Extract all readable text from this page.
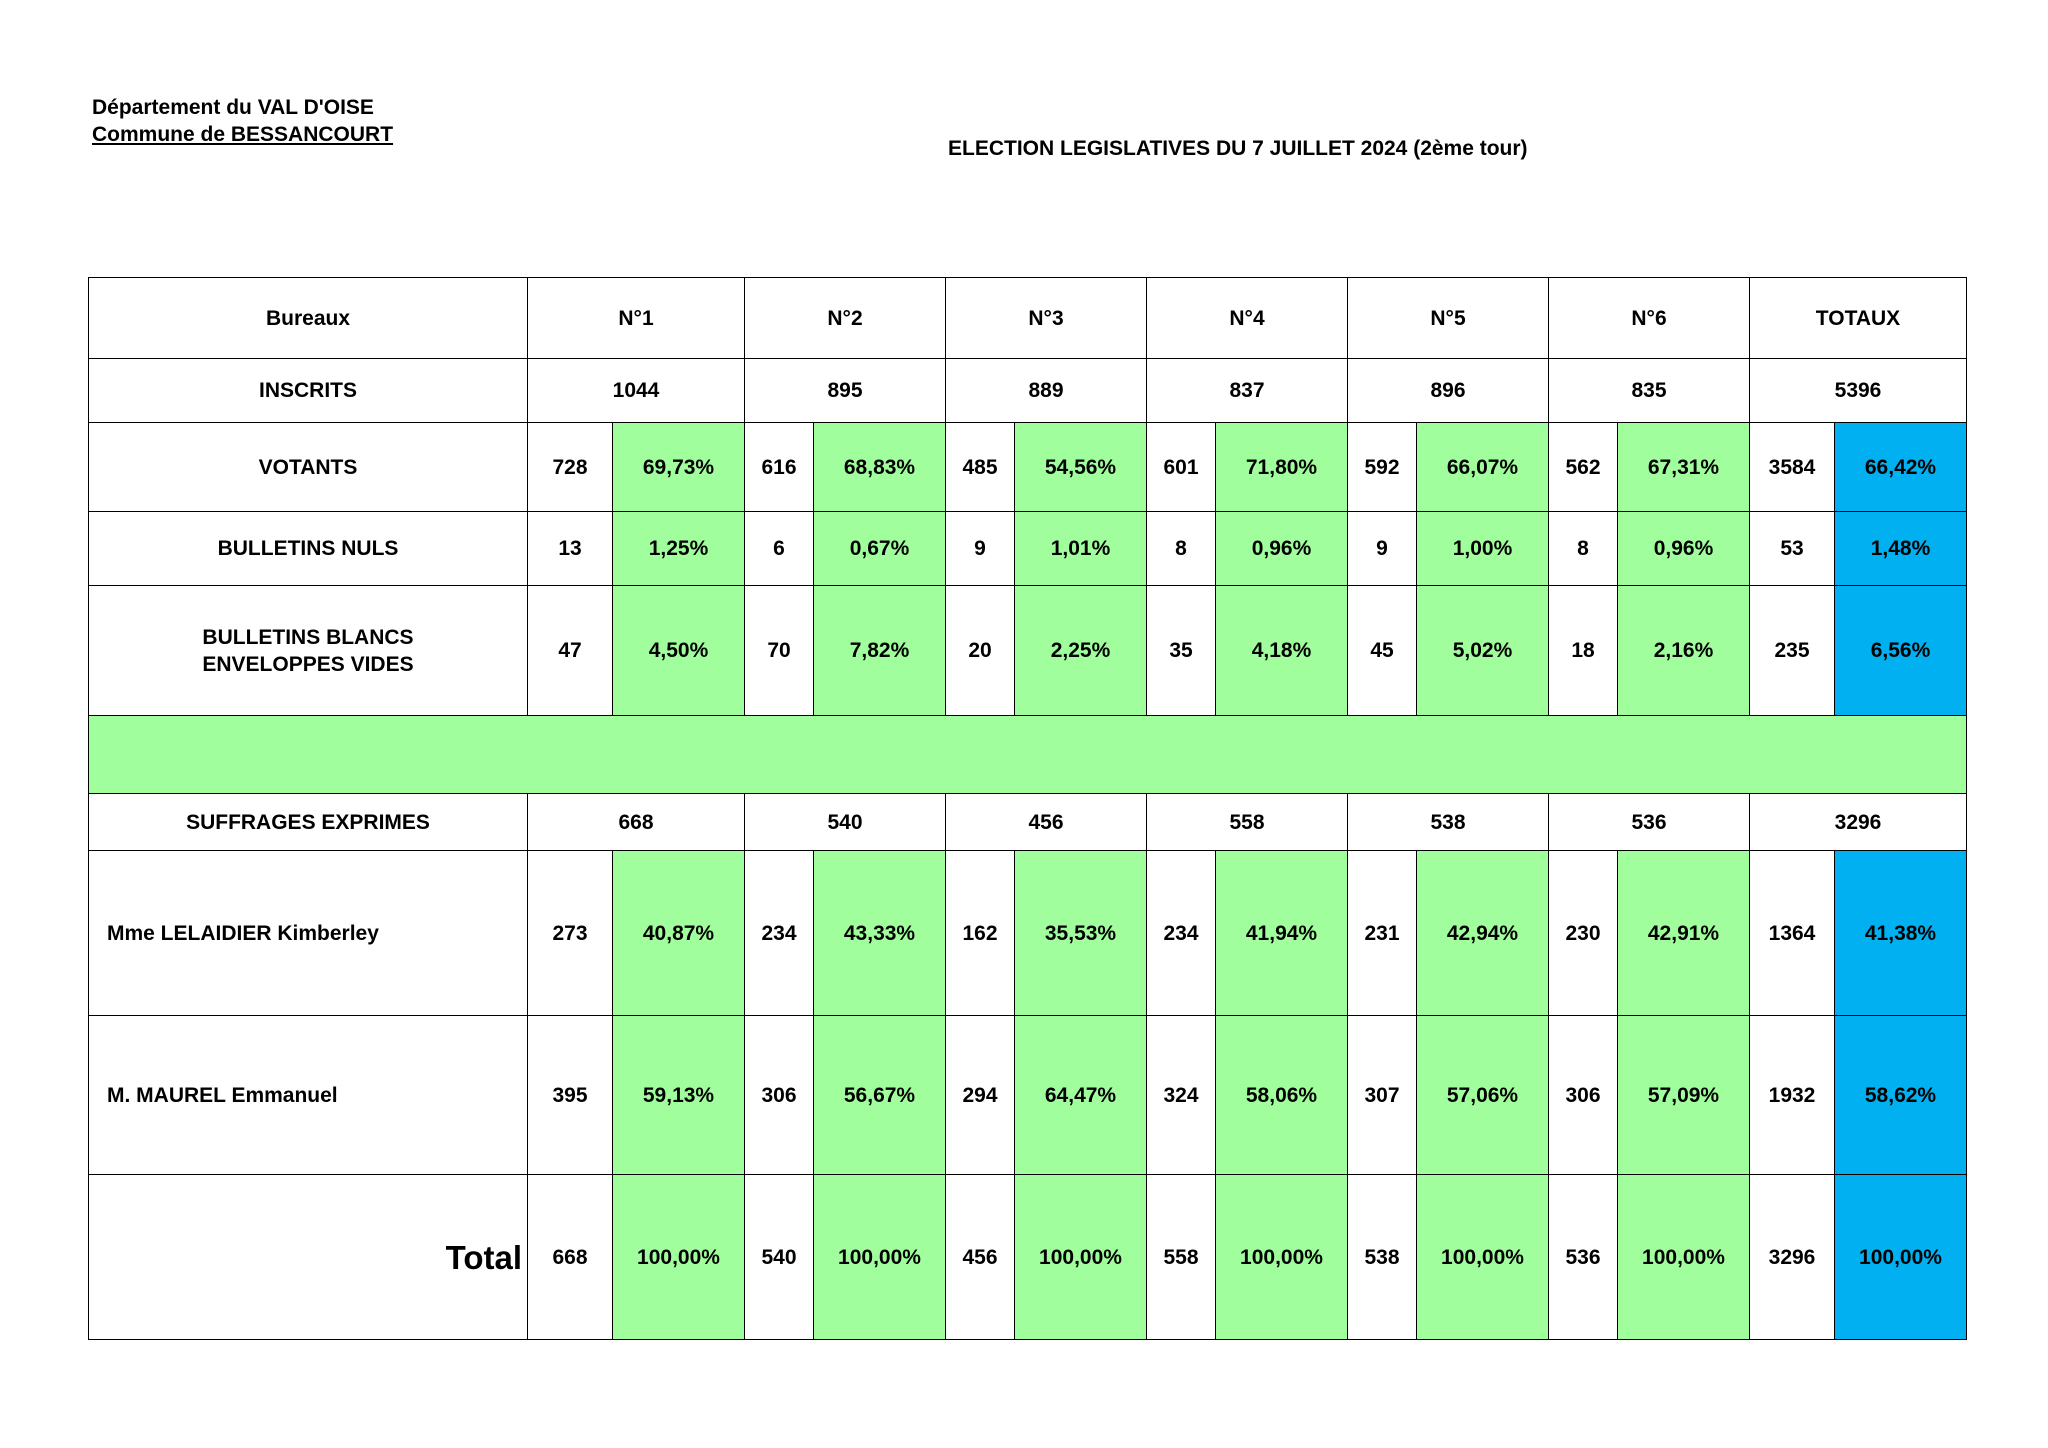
Département du VAL D'OISE
Commune de BESSANCOURT
ELECTION LEGISLATIVES DU 7 JUILLET 2024 (2ème tour)
Bureaux	N°1		N°2		N°3		N°4		N°5		N°6		TOTAUX	
INSCRITS	1044		895		889		837		896		835		5396	
VOTANTS	728	69,73%	616	68,83%	485	54,56%	601	71,80%	592	66,07%	562	67,31%	3584	66,42%
BULLETINS NULS	13	1,25%	6	0,67%	9	1,01%	8	0,96%	9	1,00%	8	0,96%	53	1,48%
BULLETINS BLANCS
ENVELOPPES VIDES	47	4,50%	70	7,82%	20	2,25%	35	4,18%	45	5,02%	18	2,16%	235	6,56%

SUFFRAGES EXPRIMES	668		540		456		558		538		536		3296	
Mme LELAIDIER Kimberley	273	40,87%	234	43,33%	162	35,53%	234	41,94%	231	42,94%	230	42,91%	1364	41,38%
M. MAUREL Emmanuel	395	59,13%	306	56,67%	294	64,47%	324	58,06%	307	57,06%	306	57,09%	1932	58,62%
Total	668	100,00%	540	100,00%	456	100,00%	558	100,00%	538	100,00%	536	100,00%	3296	100,00%
